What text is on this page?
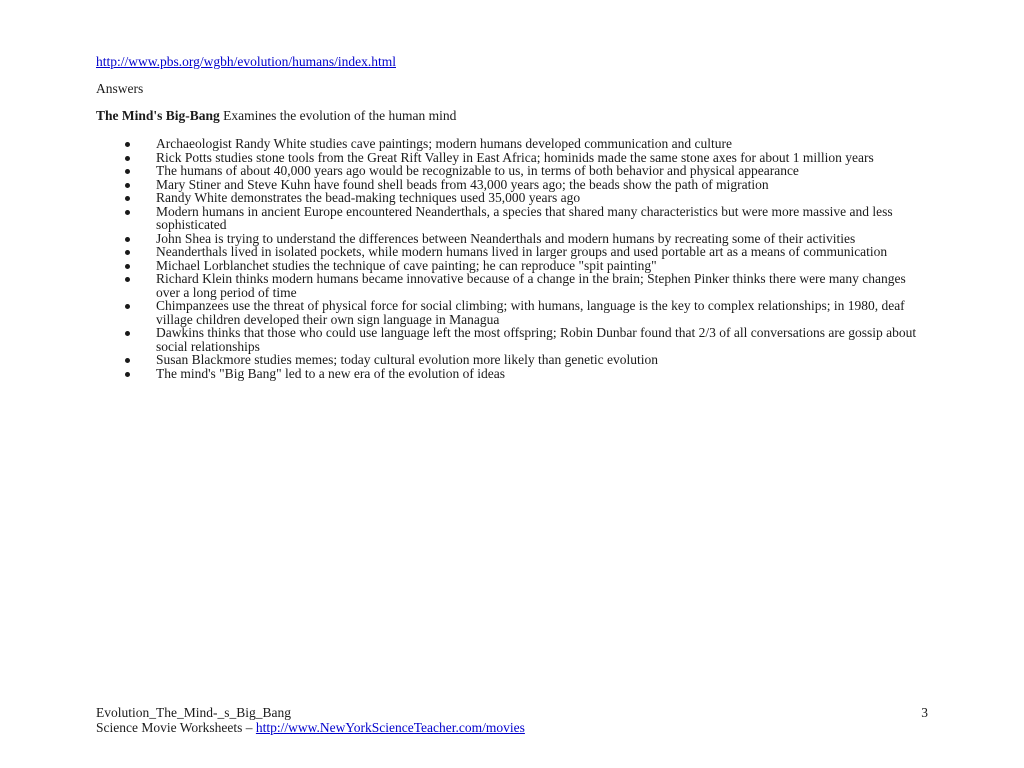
http://www.pbs.org/wgbh/evolution/humans/index.html
Answers
The Mind's Big-Bang Examines the evolution of the human mind
Archaeologist Randy White studies cave paintings; modern humans developed communication and culture
Rick Potts studies stone tools from the Great Rift Valley in East Africa; hominids made the same stone axes for about 1 million years
The humans of about 40,000 years ago would be recognizable to us, in terms of both behavior and physical appearance
Mary Stiner and Steve Kuhn have found shell beads from 43,000 years ago; the beads show the path of migration
Randy White demonstrates the bead-making techniques used 35,000 years ago
Modern humans in ancient Europe encountered Neanderthals, a species that shared many characteristics but were more massive and less sophisticated
John Shea is trying to understand the differences between Neanderthals and modern humans by recreating some of their activities
Neanderthals lived in isolated pockets, while modern humans lived in larger groups and used portable art as a means of communication
Michael Lorblanchet studies the technique of cave painting; he can reproduce "spit painting"
Richard Klein thinks modern humans became innovative because of a change in the brain; Stephen Pinker thinks there were many changes over a long period of time
Chimpanzees use the threat of physical force for social climbing; with humans, language is the key to complex relationships; in 1980, deaf village children developed their own sign language in Managua
Dawkins thinks that those who could use language left the most offspring; Robin Dunbar found that 2/3 of all conversations are gossip about social relationships
Susan Blackmore studies memes; today cultural evolution more likely than genetic evolution
The mind's "Big Bang" led to a new era of the evolution of ideas
Evolution_The_Mind-_s_Big_Bang	3
Science Movie Worksheets – http://www.NewYorkScienceTeacher.com/movies
